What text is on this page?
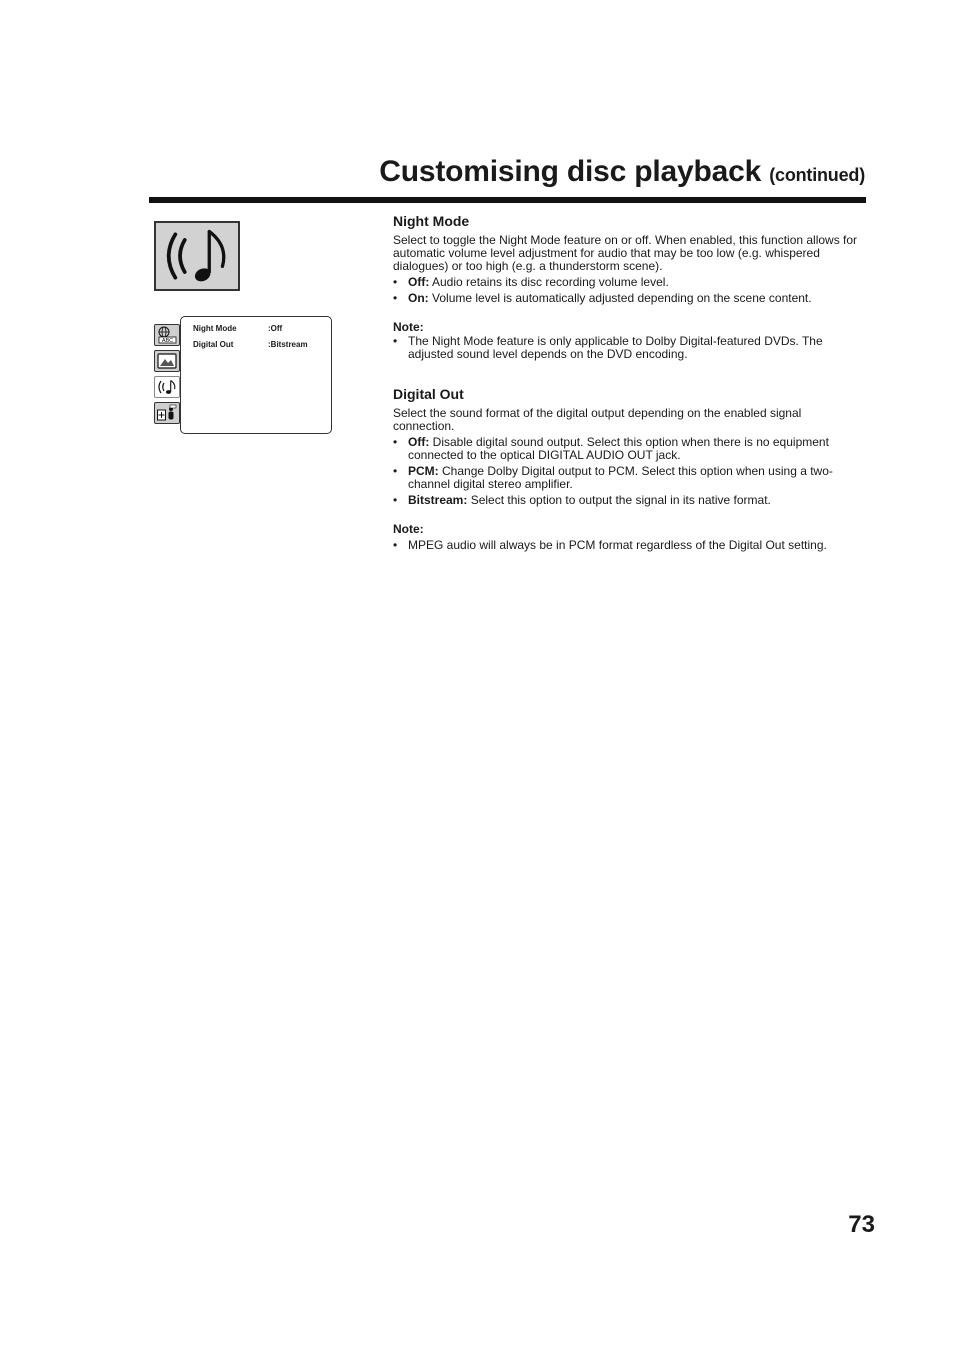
Customising disc playback (continued)
ABC
Night Mode	:Off
Digital Out	:Bitstream
Night Mode

Select to toggle the Night Mode feature on or off. When enabled, this function allows for automatic volume level adjustment for audio that may be too low (e.g. whispered dialogues) or too high (e.g. a thunderstorm scene).

• Off: Audio retains its disc recording volume level.
• On: Volume level is automatically adjusted depending on the scene content.

Note:

• The Night Mode feature is only applicable to Dolby Digital-featured DVDs. The adjusted sound level depends on the DVD encoding.
Digital Out

Select the sound format of the digital output depending on the enabled signal connection.

• Off: Disable digital sound output. Select this option when there is no equipment connected to the optical DIGITAL AUDIO OUT jack.
• PCM: Change Dolby Digital output to PCM. Select this option when using a two-channel digital stereo amplifier.
• Bitstream: Select this option to output the signal in its native format.

Note:

• MPEG audio will always be in PCM format regardless of the Digital Out setting.
73
